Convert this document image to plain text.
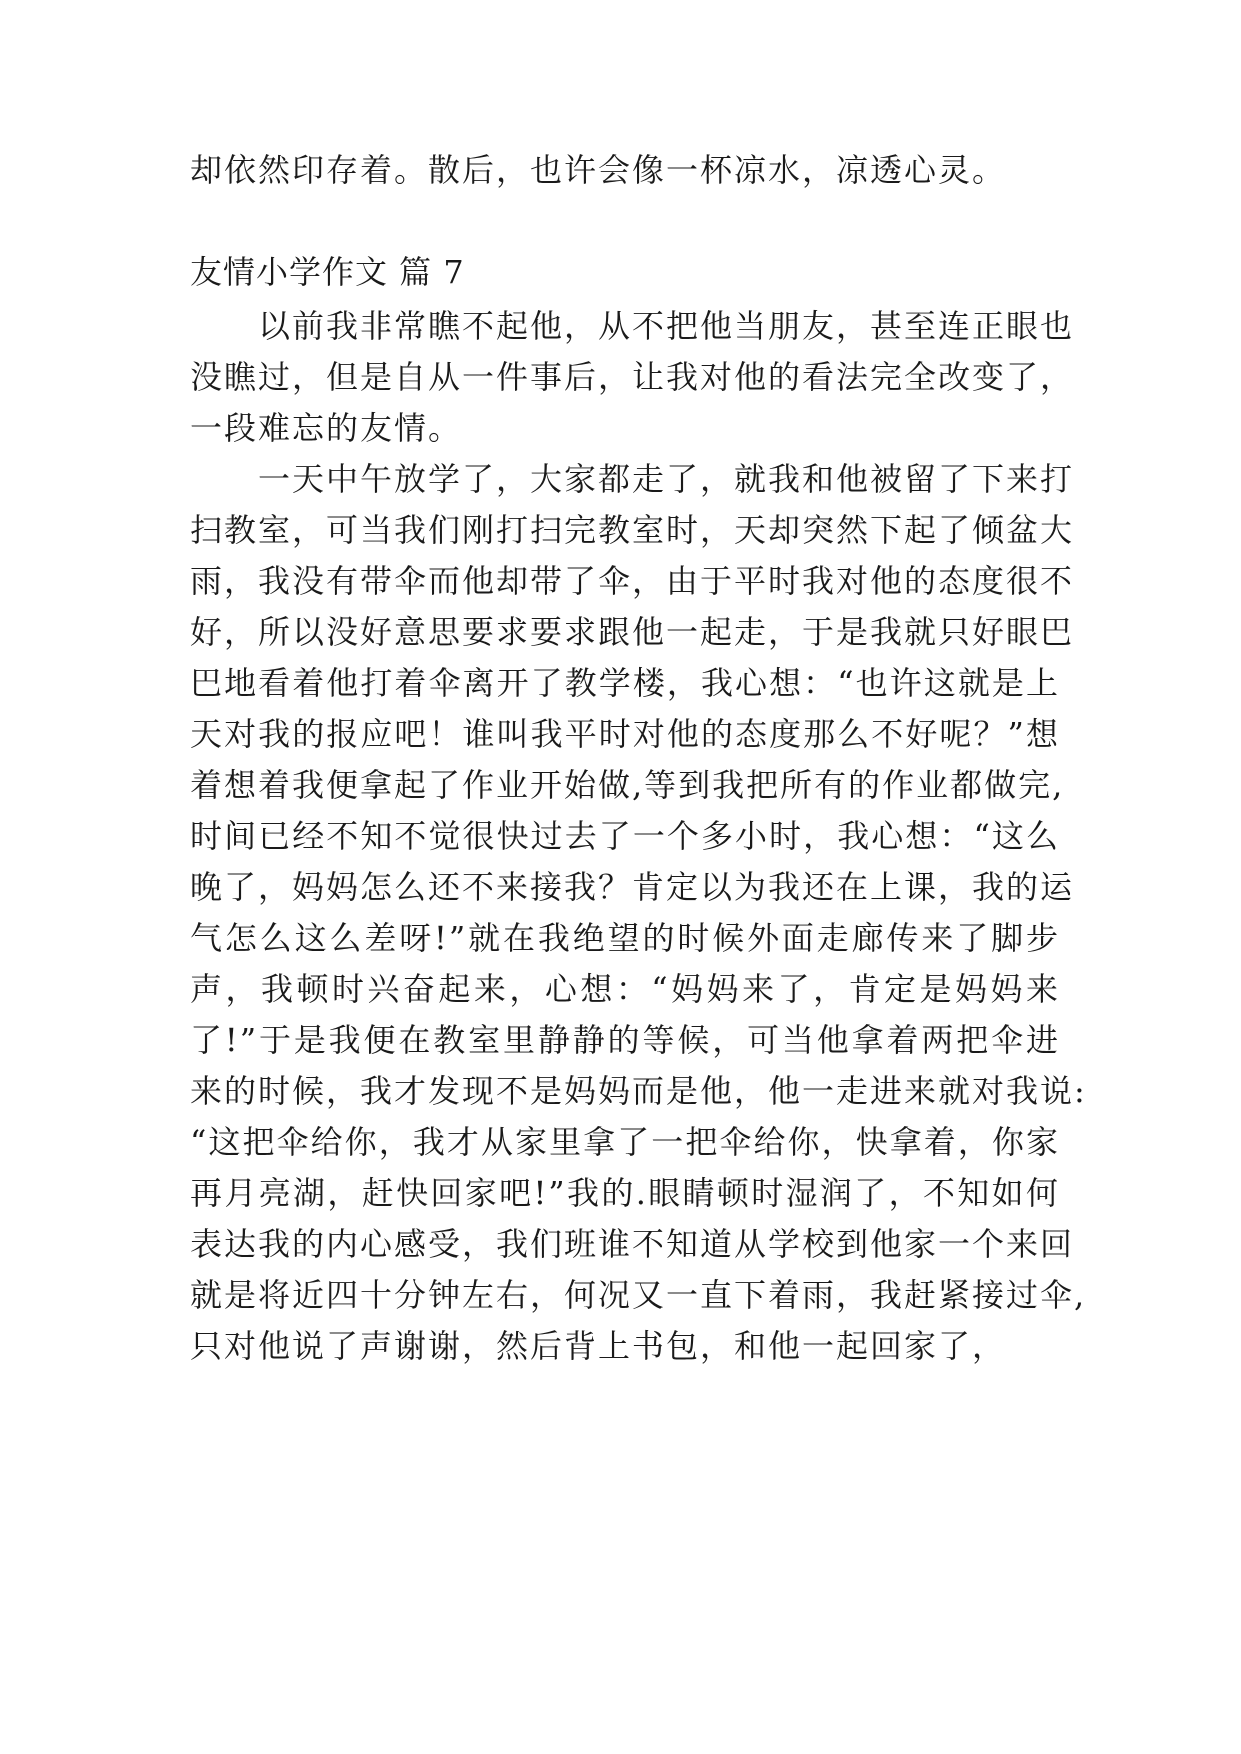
却依然印存着。散后，也许会像一杯凉水，凉透心灵。
友情小学作文 篇 7
以前我非常瞧不起他，从不把他当朋友，甚至连正眼也
没瞧过，但是自从一件事后，让我对他的看法完全改变了，
一段难忘的友情。
一天中午放学了，大家都走了，就我和他被留了下来打
扫教室，可当我们刚打扫完教室时，天却突然下起了倾盆大
雨，我没有带伞而他却带了伞，由于平时我对他的态度很不
好，所以没好意思要求要求跟他一起走，于是我就只好眼巴
巴地看着他打着伞离开了教学楼，我心想：“也许这就是上
天对我的报应吧！谁叫我平时对他的态度那么不好呢？”想
着想着我便拿起了作业开始做,等到我把所有的作业都做完,
时间已经不知不觉很快过去了一个多小时，我心想：“这么
晚了，妈妈怎么还不来接我？肯定以为我还在上课，我的运
气怎么这么差呀!”就在我绝望的时候外面走廊传来了脚步
声，我顿时兴奋起来，心想：“妈妈来了，肯定是妈妈来
了!”于是我便在教室里静静的等候，可当他拿着两把伞进
来的时候，我才发现不是妈妈而是他，他一走进来就对我说:
“这把伞给你，我才从家里拿了一把伞给你，快拿着，你家
再月亮湖，赶快回家吧!”我的.眼睛顿时湿润了，不知如何
表达我的内心感受，我们班谁不知道从学校到他家一个来回
就是将近四十分钟左右，何况又一直下着雨，我赶紧接过伞,
只对他说了声谢谢，然后背上书包，和他一起回家了，
